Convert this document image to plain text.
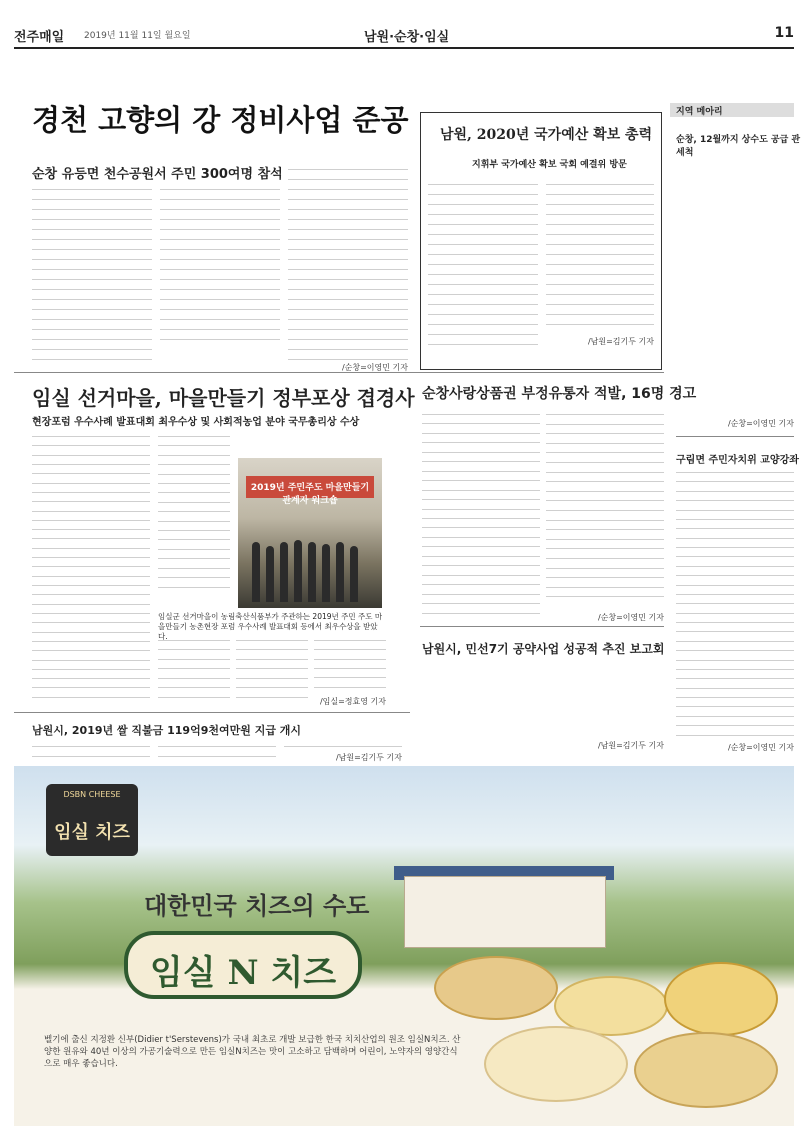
전주매일 2019년 11월 11일 월요일	남원·순창·임실	11
경천 고향의 강 정비사업 준공
순창 유등면 천수공원서 주민 300여명 참석
/순창=이영민 기자
남원, 2020년 국가예산 확보 총력
지휘부 국가예산 확보 국회 예결위 방문
/남원=김기두 기자
지역 메아리
순창, 12월까지 상수도 공급 관 세척
/순창=이영민 기자
구림면 주민자치위 교양강좌
/순창=이영민 기자
임실 선거마을, 마을만들기 정부포상 겹경사
현장포럼 우수사례 발표대회 최우수상 및 사회적농업 분야 국무총리상 수상
2019년 주민주도 마을만들기 관계자 워크숍
임실군 선거마을이 농림축산식품부가 주관하는 2019년 주민 주도 마을만들기 농촌현장 포럼 우수사례 발표대회 등에서 최우수상을 받았다.
/임실=정효영 기자
순창사랑상품권 부정유통자 적발, 16명 경고
/순창=이영민 기자
남원시, 민선7기 공약사업 성공적 추진 보고회
/남원=김기두 기자
남원시, 2019년 쌀 직불금 119억9천여만원 지급 개시
/남원=김기두 기자
DSBN CHEESE
임실 치즈
대한민국 치즈의 수도
임실 N 치즈
벨기에 출신 지정환 신부(Didier t'Serstevens)가 국내 최초로 개발 보급한 한국 치치산업의 원조 임실N치즈. 산양한 원유와 40년 이상의 가공기술력으로 만든 임실N치즈는 맛이 고소하고 담백하며 어린이, 노약자의 영양간식으로 매우 좋습니다.
